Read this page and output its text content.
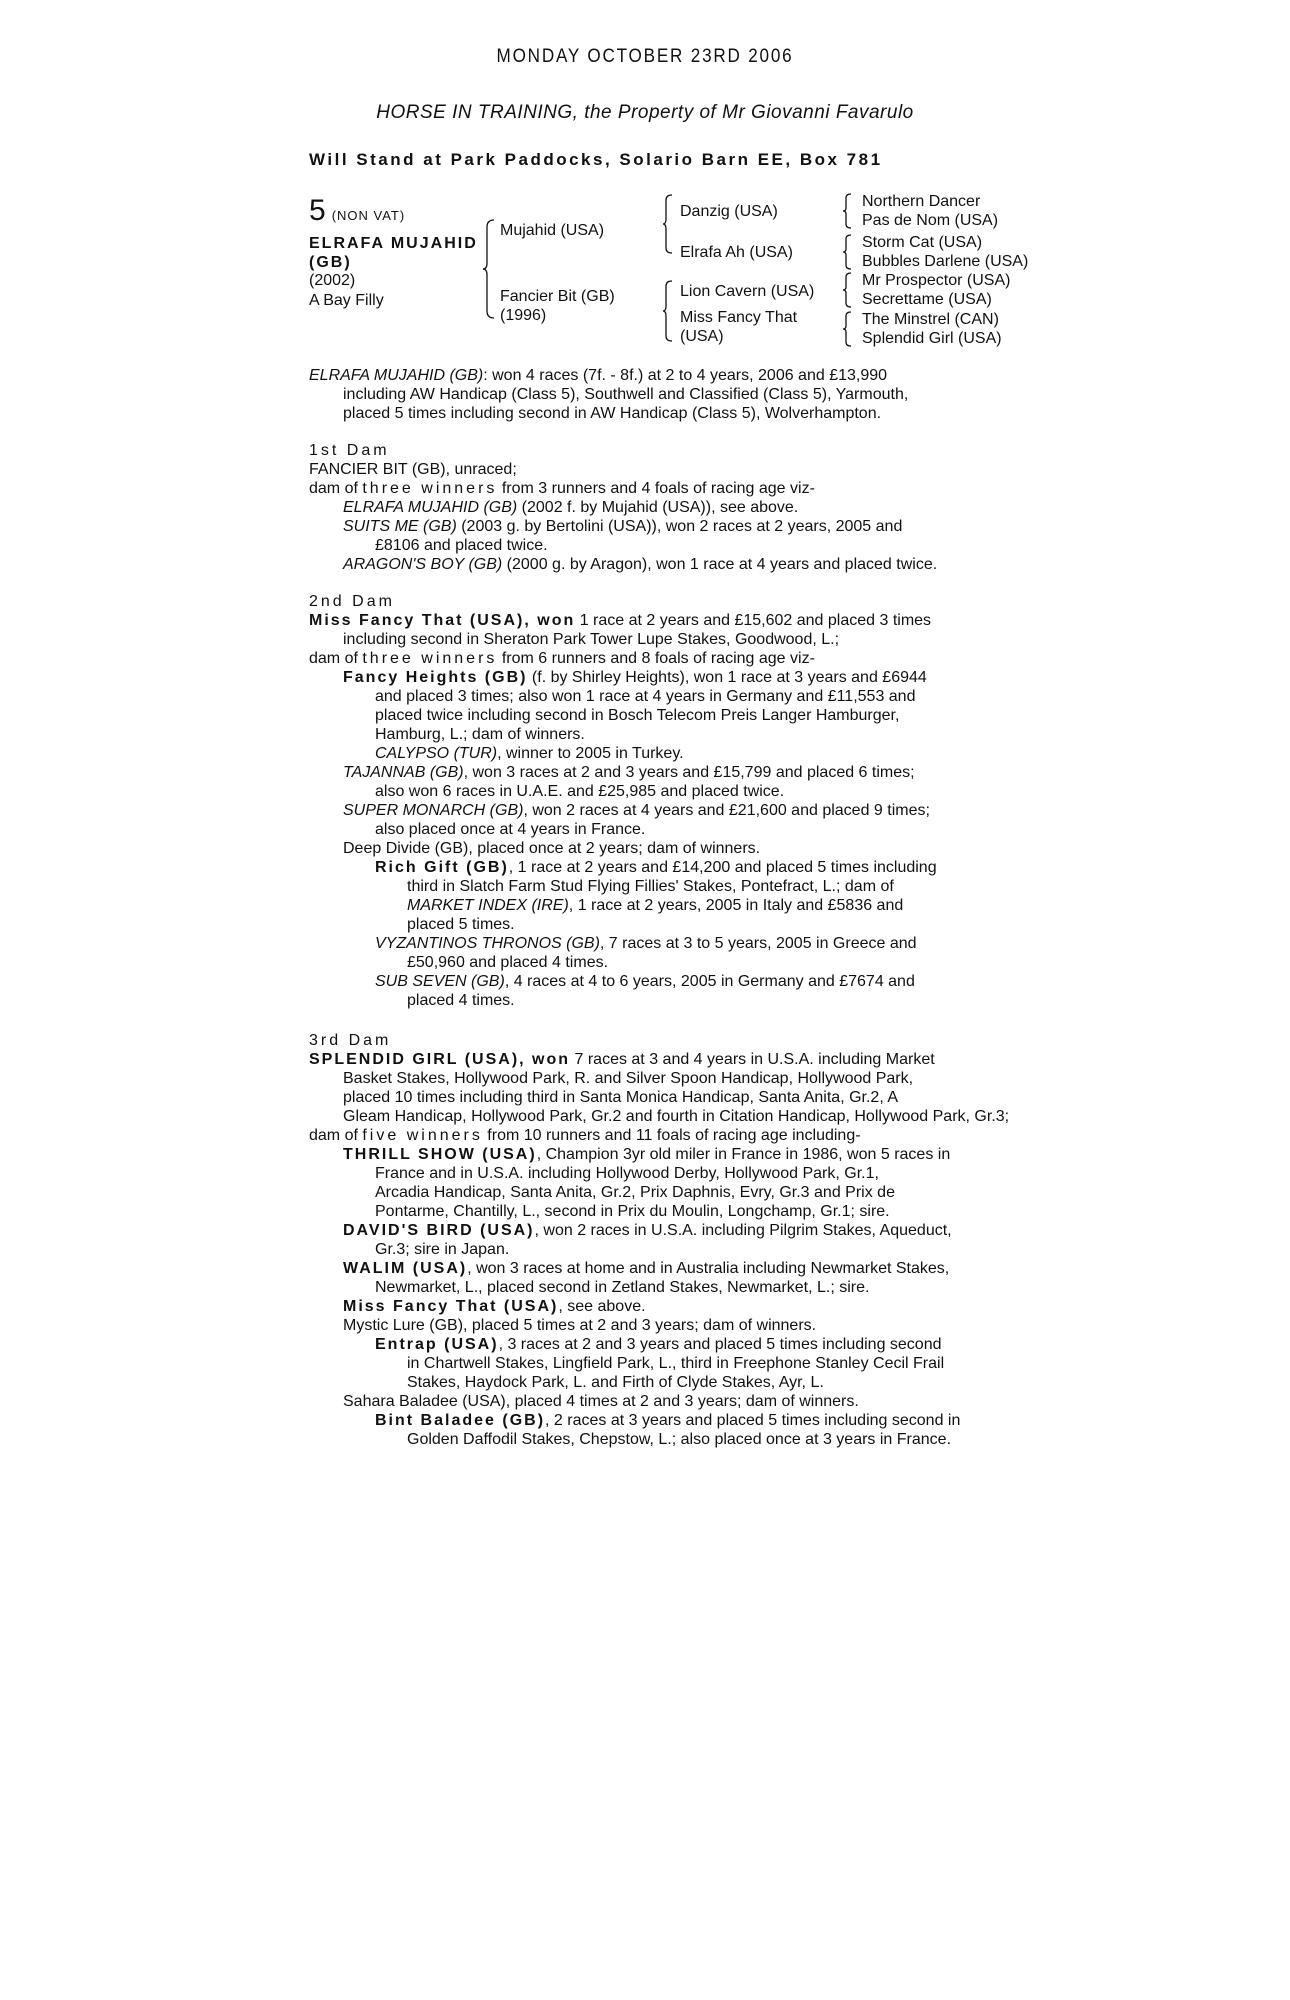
MONDAY OCTOBER 23RD 2006
HORSE IN TRAINING, the Property of Mr Giovanni Favarulo
Will Stand at Park Paddocks, Solario Barn EE, Box 781
5 (NON VAT)
ELRAFA MUJAHID
(GB)
(2002)
A Bay Filly
Mujahid (USA)
Fancier Bit (GB)
(1996)
Danzig (USA)
Elrafa Ah (USA)
Lion Cavern (USA)
Miss Fancy That
(USA)
Northern Dancer
Pas de Nom (USA)
Storm Cat (USA)
Bubbles Darlene (USA)
Mr Prospector (USA)
Secrettame (USA)
The Minstrel (CAN)
Splendid Girl (USA)
ELRAFA MUJAHID (GB): won 4 races (7f. - 8f.) at 2 to 4 years, 2006 and £13,990
including AW Handicap (Class 5), Southwell and Classified (Class 5), Yarmouth,
placed 5 times including second in AW Handicap (Class 5), Wolverhampton.
1st Dam
FANCIER BIT (GB), unraced;
dam of three winners from 3 runners and 4 foals of racing age viz-
ELRAFA MUJAHID (GB) (2002 f. by Mujahid (USA)), see above.
SUITS ME (GB) (2003 g. by Bertolini (USA)), won 2 races at 2 years, 2005 and
£8106 and placed twice.
ARAGON'S BOY (GB) (2000 g. by Aragon), won 1 race at 4 years and placed twice.
2nd Dam
Miss Fancy That (USA), won 1 race at 2 years and £15,602 and placed 3 times
including second in Sheraton Park Tower Lupe Stakes, Goodwood, L.;
dam of three winners from 6 runners and 8 foals of racing age viz-
Fancy Heights (GB) (f. by Shirley Heights), won 1 race at 3 years and £6944
and placed 3 times; also won 1 race at 4 years in Germany and £11,553 and
placed twice including second in Bosch Telecom Preis Langer Hamburger,
Hamburg, L.; dam of winners.
CALYPSO (TUR), winner to 2005 in Turkey.
TAJANNAB (GB), won 3 races at 2 and 3 years and £15,799 and placed 6 times;
also won 6 races in U.A.E. and £25,985 and placed twice.
SUPER MONARCH (GB), won 2 races at 4 years and £21,600 and placed 9 times;
also placed once at 4 years in France.
Deep Divide (GB), placed once at 2 years; dam of winners.
Rich Gift (GB), 1 race at 2 years and £14,200 and placed 5 times including
third in Slatch Farm Stud Flying Fillies' Stakes, Pontefract, L.; dam of
MARKET INDEX (IRE), 1 race at 2 years, 2005 in Italy and £5836 and
placed 5 times.
VYZANTINOS THRONOS (GB), 7 races at 3 to 5 years, 2005 in Greece and
£50,960 and placed 4 times.
SUB SEVEN (GB), 4 races at 4 to 6 years, 2005 in Germany and £7674 and
placed 4 times.
3rd Dam
SPLENDID GIRL (USA), won 7 races at 3 and 4 years in U.S.A. including Market
Basket Stakes, Hollywood Park, R. and Silver Spoon Handicap, Hollywood Park,
placed 10 times including third in Santa Monica Handicap, Santa Anita, Gr.2, A
Gleam Handicap, Hollywood Park, Gr.2 and fourth in Citation Handicap, Hollywood Park, Gr.3;
dam of five winners from 10 runners and 11 foals of racing age including-
THRILL SHOW (USA), Champion 3yr old miler in France in 1986, won 5 races in
France and in U.S.A. including Hollywood Derby, Hollywood Park, Gr.1,
Arcadia Handicap, Santa Anita, Gr.2, Prix Daphnis, Evry, Gr.3 and Prix de
Pontarme, Chantilly, L., second in Prix du Moulin, Longchamp, Gr.1; sire.
DAVID'S BIRD (USA), won 2 races in U.S.A. including Pilgrim Stakes, Aqueduct,
Gr.3; sire in Japan.
WALIM (USA), won 3 races at home and in Australia including Newmarket Stakes,
Newmarket, L., placed second in Zetland Stakes, Newmarket, L.; sire.
Miss Fancy That (USA), see above.
Mystic Lure (GB), placed 5 times at 2 and 3 years; dam of winners.
Entrap (USA), 3 races at 2 and 3 years and placed 5 times including second
in Chartwell Stakes, Lingfield Park, L., third in Freephone Stanley Cecil Frail
Stakes, Haydock Park, L. and Firth of Clyde Stakes, Ayr, L.
Sahara Baladee (USA), placed 4 times at 2 and 3 years; dam of winners.
Bint Baladee (GB), 2 races at 3 years and placed 5 times including second in
Golden Daffodil Stakes, Chepstow, L.; also placed once at 3 years in France.
